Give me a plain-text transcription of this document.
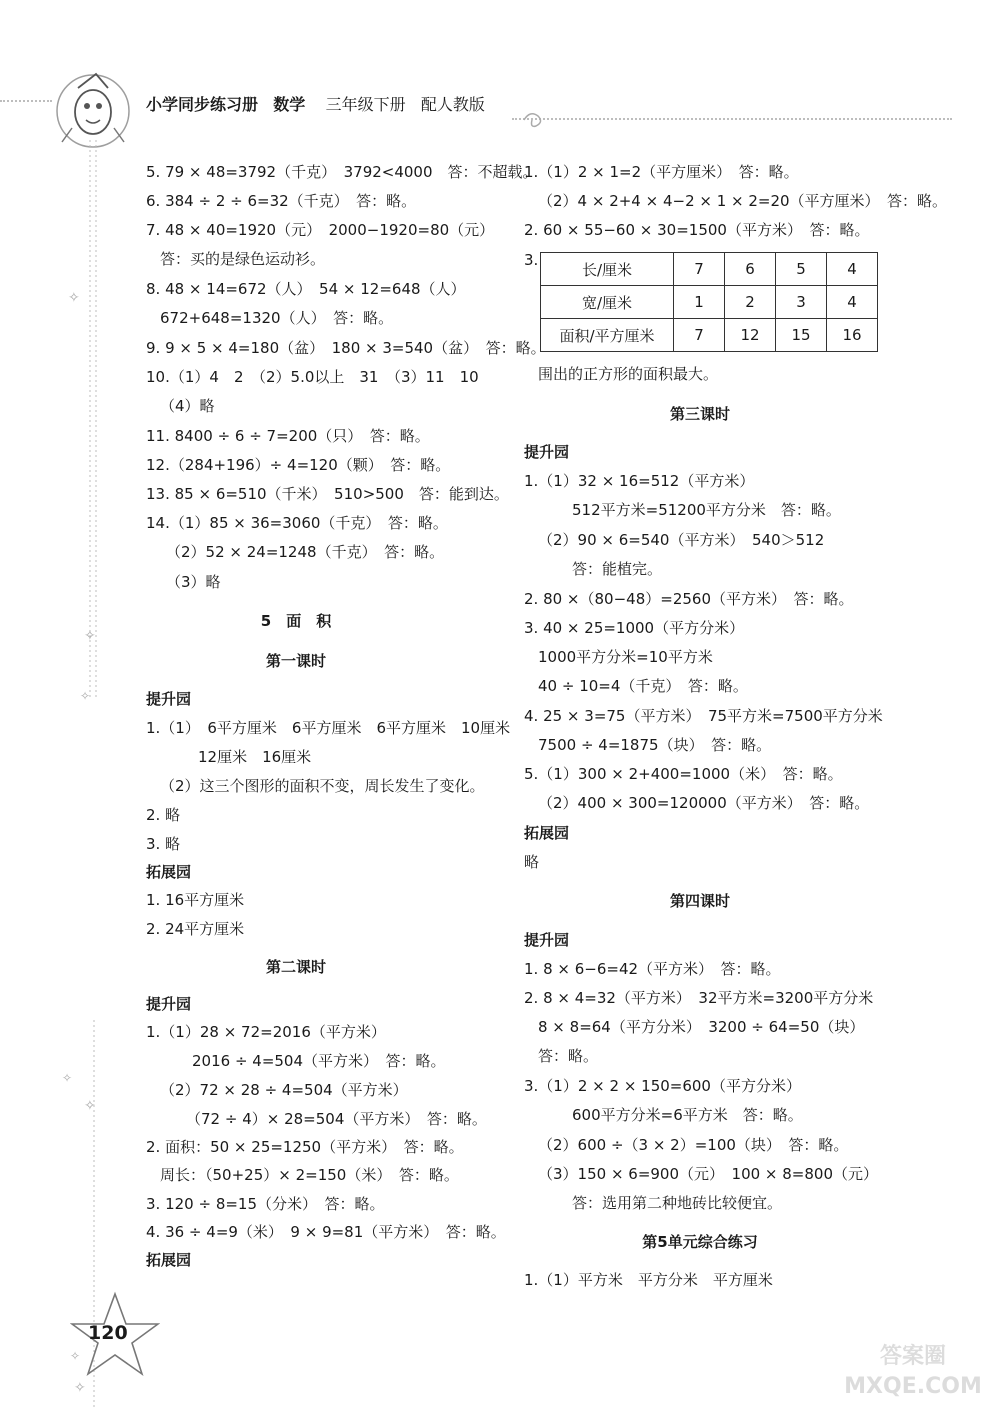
小学同步练习册 数学 三年级下册 配人教版
✧
✧
✧
✧
✧
✧
✧
5. 79 × 48=3792（千克）　3792<4000　答：不超载。
6. 384 ÷ 2 ÷ 6=32（千克）　答：略。
7. 48 × 40=1920（元）　2000−1920=80（元）
答：买的是绿色运动衫。
8. 48 × 14=672（人）　54 × 12=648（人）
672+648=1320（人）　答：略。
9. 9 × 5 × 4=180（盆）　180 × 3=540（盆）　答：略。
10.（1）4　2　（2）5.0以上　31　（3）11　10
（4）略
11. 8400 ÷ 6 ÷ 7=200（只）　答：略。
12.（284+196）÷ 4=120（颗）　答：略。
13. 85 × 6=510（千米）　510>500　答：能到达。
14.（1）85 × 36=3060（千克）　答：略。
（2）52 × 24=1248（千克）　答：略。
（3）略
5　面　积
第一课时
提升园
1.（1）　6平方厘米　6平方厘米　6平方厘米　10厘米
12厘米　16厘米
（2）这三个图形的面积不变，周长发生了变化。
2. 略
3. 略
拓展园
1. 16平方厘米
2. 24平方厘米
第二课时
提升园
1.（1）28 × 72=2016（平方米）
2016 ÷ 4=504（平方米）　答：略。
（2）72 × 28 ÷ 4=504（平方米）
（72 ÷ 4）× 28=504（平方米）　答：略。
2. 面积：50 × 25=1250（平方米）　答：略。
周长：（50+25）× 2=150（米）　答：略。
3. 120 ÷ 8=15（分米）　答：略。
4. 36 ÷ 4=9（米）　9 × 9=81（平方米）　答：略。
拓展园
1.（1）2 × 1=2（平方厘米）　答：略。
（2）4 × 2+4 × 4−2 × 1 × 2=20（平方厘米）　答：略。
2. 60 × 55−60 × 30=1500（平方米）　答：略。
3.
长/厘米	7	6	5	4
宽/厘米	1	2	3	4
面积/平方厘米	7	12	15	16
围出的正方形的面积最大。
第三课时
提升园
1.（1）32 × 16=512（平方米）
512平方米=51200平方分米　答：略。
（2）90 × 6=540（平方米）　540＞512
答：能植完。
2. 80 ×（80−48）=2560（平方米）　答：略。
3. 40 × 25=1000（平方分米）
1000平方分米=10平方米
40 ÷ 10=4（千克）　答：略。
4. 25 × 3=75（平方米）　75平方米=7500平方分米
7500 ÷ 4=1875（块）　答：略。
5.（1）300 × 2+400=1000（米）　答：略。
（2）400 × 300=120000（平方米）　答：略。
拓展园
略
第四课时
提升园
1. 8 × 6−6=42（平方米）　答：略。
2. 8 × 4=32（平方米）　32平方米=3200平方分米
8 × 8=64（平方分米）　3200 ÷ 64=50（块）
答：略。
3.（1）2 × 2 × 150=600（平方分米）
600平方分米=6平方米　答：略。
（2）600 ÷（3 × 2）=100（块）　答：略。
（3）150 × 6=900（元）　100 × 8=800（元）
答：选用第二种地砖比较便宜。
第5单元综合练习
1.（1）平方米　平方分米　平方厘米
120
答案圈 MXQE.COM
